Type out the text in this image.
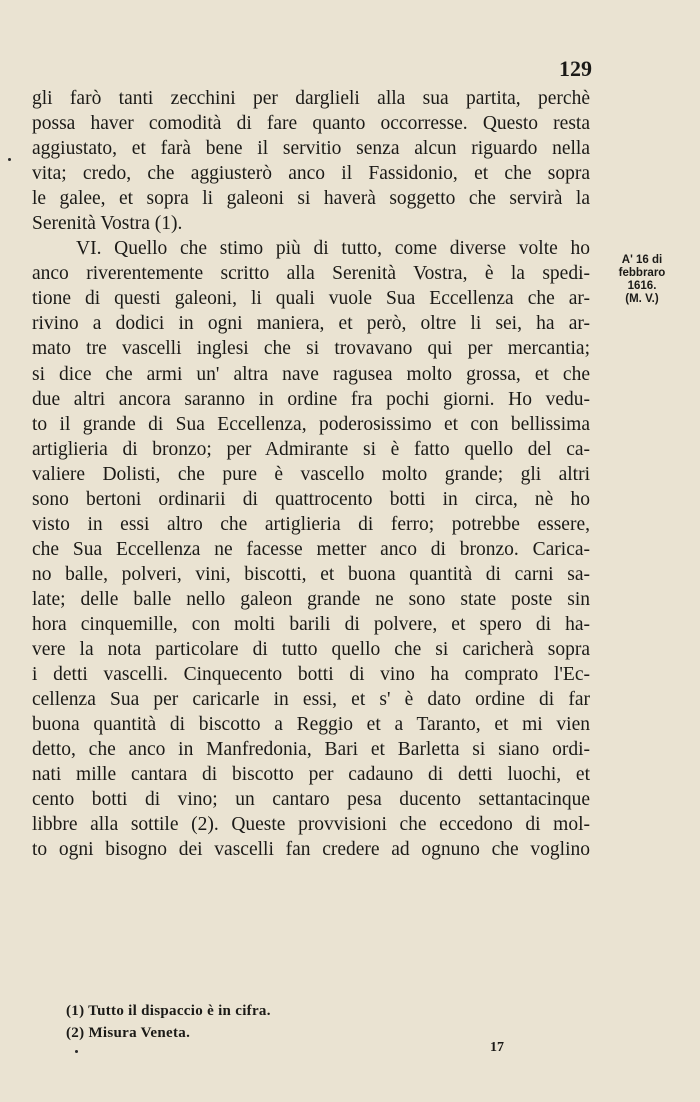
129
gli farò tanti zecchini per darglieli alla sua partita, perchè
possa haver comodità di fare quanto occorresse. Questo resta
aggiustato, et farà bene il servitio senza alcun riguardo nella
vita; credo, che aggiusterò anco il Fassidonio, et che sopra
le galee, et sopra li galeoni si haverà soggetto che servirà la
Serenità Vostra (1).
VI. Quello che stimo più di tutto, come diverse volte ho
anco riverentemente scritto alla Serenità Vostra, è la spedi-
tione di questi galeoni, li quali vuole Sua Eccellenza che ar-
rivino a dodici in ogni maniera, et però, oltre li sei, ha ar-
mato tre vascelli inglesi che si trovavano qui per mercantia;
si dice che armi un' altra nave ragusea molto grossa, et che
due altri ancora saranno in ordine fra pochi giorni. Ho vedu-
to il grande di Sua Eccellenza, poderosissimo et con bellissima
artiglieria di bronzo; per Admirante si è fatto quello del ca-
valiere Dolisti, che pure è vascello molto grande; gli altri
sono bertoni ordinarii di quattrocento botti in circa, nè ho
visto in essi altro che artiglieria di ferro; potrebbe essere,
che Sua Eccellenza ne facesse metter anco di bronzo. Carica-
no balle, polveri, vini, biscotti, et buona quantità di carni sa-
late; delle balle nello galeon grande ne sono state poste sin
hora cinquemille, con molti barili di polvere, et spero di ha-
vere la nota particolare di tutto quello che si caricherà sopra
i detti vascelli. Cinquecento botti di vino ha comprato l'Ec-
cellenza Sua per caricarle in essi, et s' è dato ordine di far
buona quantità di biscotto a Reggio et a Taranto, et mi vien
detto, che anco in Manfredonia, Bari et Barletta si siano ordi-
nati mille cantara di biscotto per cadauno di detti luochi, et
cento botti di vino; un cantaro pesa ducento settantacinque
libbre alla sottile (2). Queste provvisioni che eccedono di mol-
to ogni bisogno dei vascelli fan credere ad ognuno che voglino
A' 16 di
febbraro
1616.
(M. V.)
(1) Tutto il dispaccio è in cifra.
(2) Misura Veneta.
17
